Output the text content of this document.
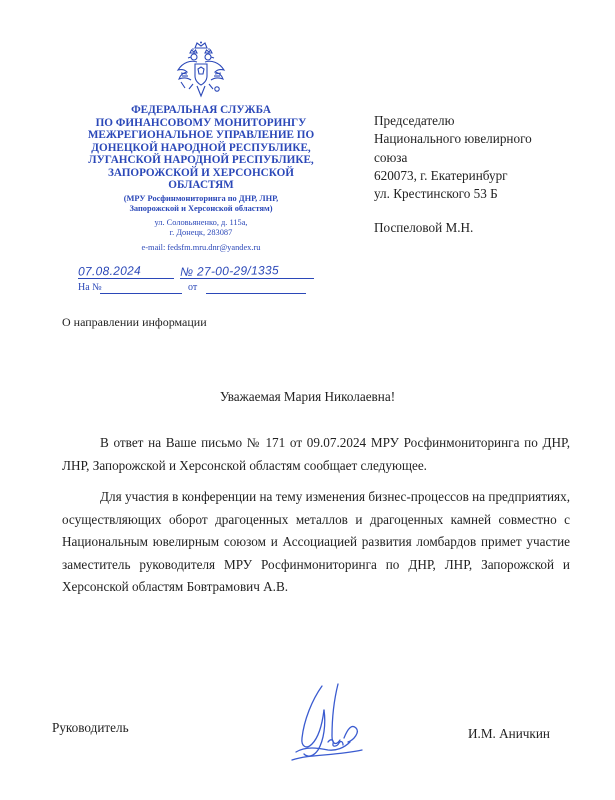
ФЕДЕРАЛЬНАЯ СЛУЖБА
ПО ФИНАНСОВОМУ МОНИТОРИНГУ
МЕЖРЕГИОНАЛЬНОЕ УПРАВЛЕНИЕ ПО
ДОНЕЦКОЙ НАРОДНОЙ РЕСПУБЛИКЕ,
ЛУГАНСКОЙ НАРОДНОЙ РЕСПУБЛИКЕ,
ЗАПОРОЖСКОЙ И ХЕРСОНСКОЙ
ОБЛАСТЯМ
(МРУ Росфинмониторинга по ДНР, ЛНР,
Запорожской и Херсонской областям)
ул. Соловьяненко, д. 115а,
г. Донецк, 283087
e-mail: fedsfm.mru.dnr@yandex.ru
07.08.2024	№ 27-00-29/1335
На №	от
Председателю
Национального ювелирного
союза
620073, г. Екатеринбург
ул. Крестинского 53 Б
Поспеловой М.Н.
О направлении информации
Уважаемая Мария Николаевна!

В ответ на Ваше письмо № 171 от 09.07.2024 МРУ Росфинмониторинга по ДНР, ЛНР, Запорожской и Херсонской областям сообщает следующее.

Для участия в конференции на тему изменения бизнес-процессов на предприятиях, осуществляющих оборот драгоценных металлов и драгоценных камней совместно с Национальным ювелирным союзом и Ассоциацией развития ломбардов примет участие заместитель руководителя МРУ Росфинмониторинга по ДНР, ЛНР, Запорожской и Херсонской областям Бовтрамович А.В.

Руководитель	И.М. Аничкин
